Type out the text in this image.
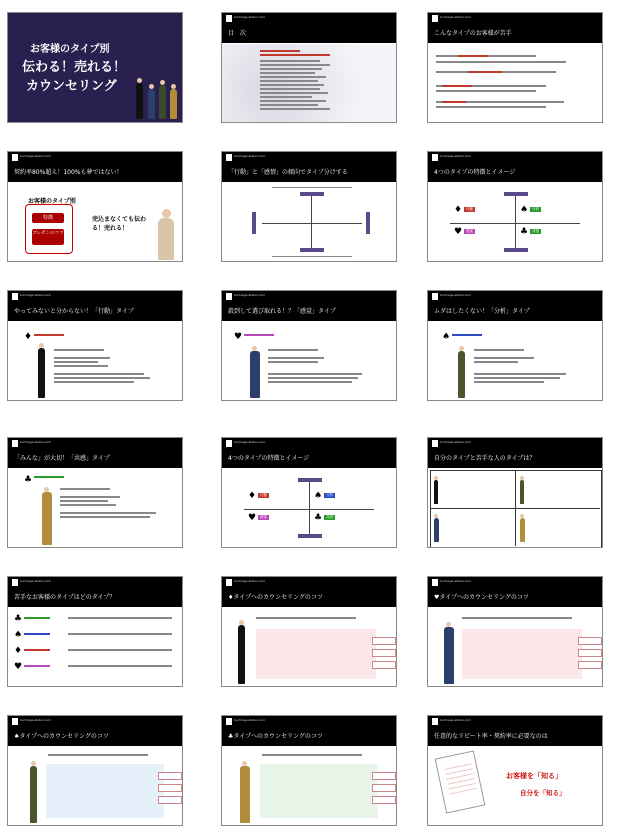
お客様のタイプ別
伝わる！売れる！
カウンセリング
kuchiage.atelier.com
目　次
kuchiage.atelier.com
こんなタイプのお客様が苦手
kuchiage.atelier.com
契約率80%超え！100%も夢ではない！
お客様のタイプ別
特徴
プレゼンのコツ
売込まなくても伝わる！売れる！
kuchiage.atelier.com
「行動」と「感情」の傾向でタイプ分けする
kuchiage.atelier.com
4つのタイプの特徴とイメージ
♦	行動	♠	分析
♥	感覚	♣	共感
kuchiage.atelier.com
やってみないと分からない！「行動」タイプ
♦
kuchiage.atelier.com
殺到して選び取れる！？「感覚」タイプ
♥
kuchiage.atelier.com
ムダはしたくない！「分析」タイプ
♠
kuchiage.atelier.com
「みんな」が大切！「共感」タイプ
♣
kuchiage.atelier.com
4つのタイプの特徴とイメージ
♦	行動	♠	分析
♥	感覚	♣	共感
kuchiage.atelier.com
自分のタイプと苦手な人のタイプは？
kuchiage.atelier.com
苦手なお客様のタイプはどのタイプ？
♣
♠
♦
♥
kuchiage.atelier.com
♦タイプへのカウンセリングのコツ
kuchiage.atelier.com
♥タイプへのカウンセリングのコツ
kuchiage.atelier.com
♠タイプへのカウンセリングのコツ
kuchiage.atelier.com
♣タイプへのカウンセリングのコツ
kuchiage.atelier.com
任意的なリピート率・契約率に必要なのは
お客様を「知る」
自分を「知る」
